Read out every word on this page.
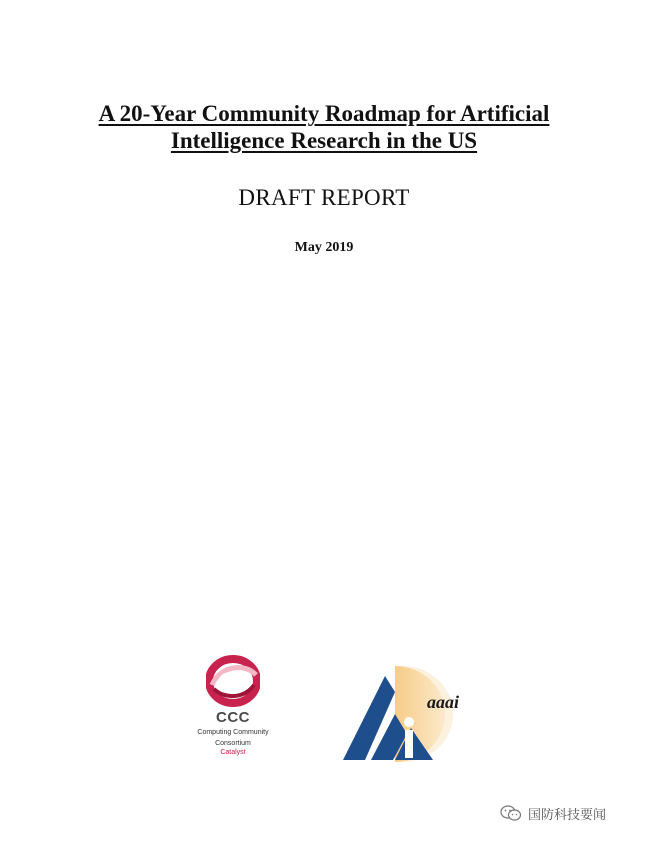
A 20-Year Community Roadmap for Artificial
Intelligence Research in the US
DRAFT REPORT
May 2019
CCC
Computing Community
Consortium
Catalyst
aaai
国防科技要闻
